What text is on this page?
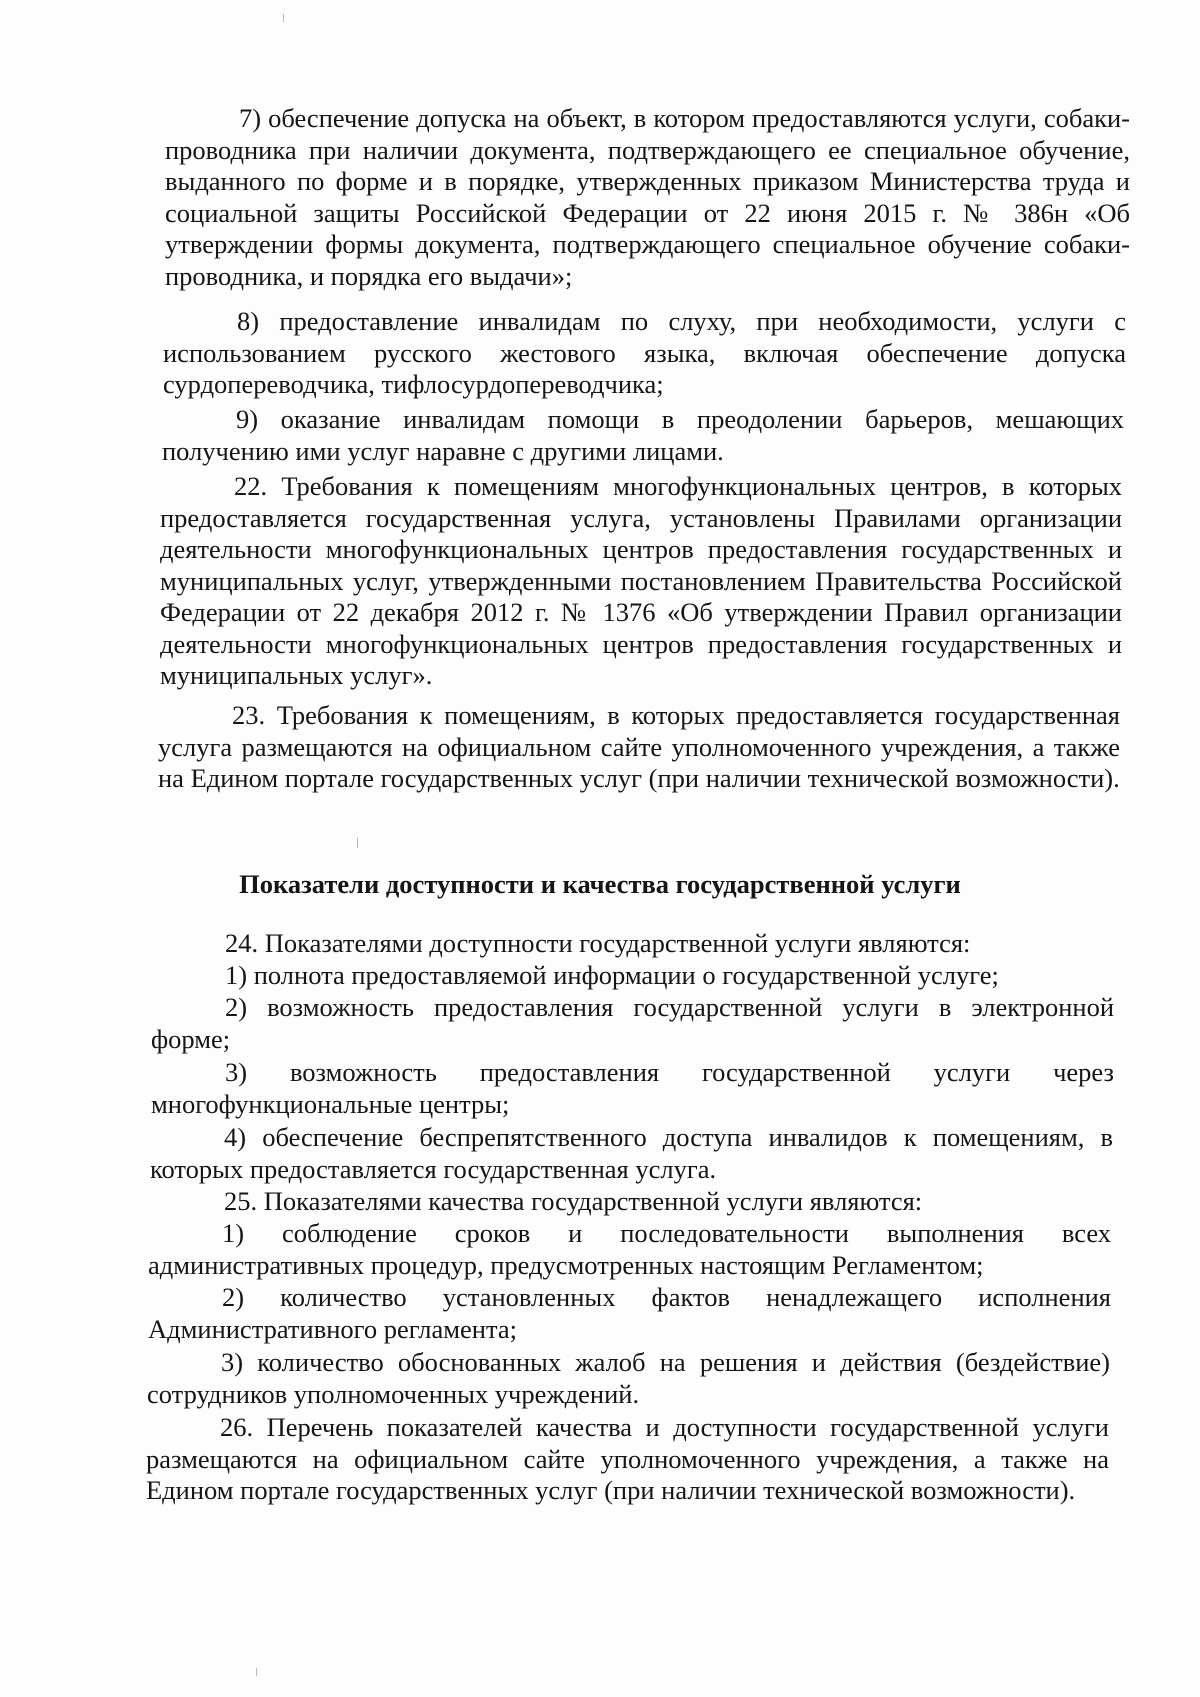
7) обеспечение допуска на объект, в котором предоставляются услуги, собаки-проводника при наличии документа, подтверждающего ее специальное обучение, выданного по форме и в порядке, утвержденных приказом Министерства труда и социальной защиты Российской Федерации от 22 июня 2015 г. № 386н «Об утверждении формы документа, подтверждающего специальное обучение собаки-проводника, и порядка его выдачи»;

8) предоставление инвалидам по слуху, при необходимости, услуги с использованием русского жестового языка, включая обеспечение допуска сурдопереводчика, тифлосурдопереводчика;

9) оказание инвалидам помощи в преодолении барьеров, мешающих получению ими услуг наравне с другими лицами.

22. Требования к помещениям многофункциональных центров, в которых предоставляется государственная услуга, установлены Правилами организации деятельности многофункциональных центров предоставления государственных и муниципальных услуг, утвержденными постановлением Правительства Российской Федерации от 22 декабря 2012 г. № 1376 «Об утверждении Правил организации деятельности многофункциональных центров предоставления государственных и муниципальных услуг».

23. Требования к помещениям, в которых предоставляется государственная услуга размещаются на официальном сайте уполномоченного учреждения, а также на Едином портале государственных услуг (при наличии технической возможности).

Показатели доступности и качества государственной услуги

24. Показателями доступности государственной услуги являются:

1) полнота предоставляемой информации о государственной услуге;

2) возможность предоставления государственной услуги в электронной форме;

3) возможность предоставления государственной услуги через многофункциональные центры;

4) обеспечение беспрепятственного доступа инвалидов к помещениям, в которых предоставляется государственная услуга.

25. Показателями качества государственной услуги являются:

1) соблюдение сроков и последовательности выполнения всех административных процедур, предусмотренных настоящим Регламентом;

2) количество установленных фактов ненадлежащего исполнения Административного регламента;

3) количество обоснованных жалоб на решения и действия (бездействие) сотрудников уполномоченных учреждений.

26. Перечень показателей качества и доступности государственной услуги размещаются на официальном сайте уполномоченного учреждения, а также на Едином портале государственных услуг (при наличии технической возможности).
